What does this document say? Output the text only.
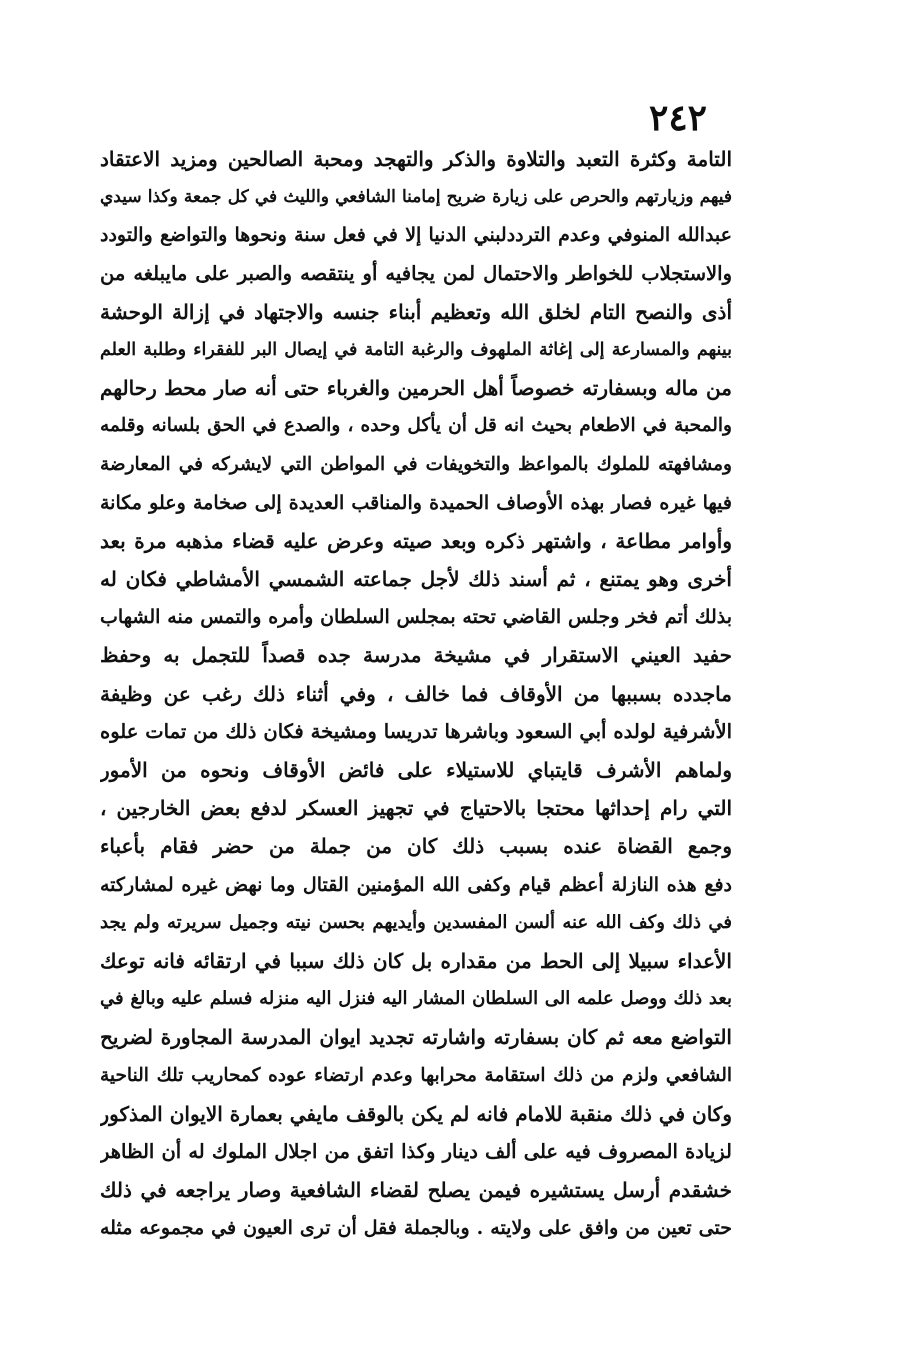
٢٤٢
التامة وكثرة التعبد والتلاوة والذكر والتهجد ومحبة الصالحين ومزيد الاعتقاد
فيهم وزيارتهم والحرص على زيارة ضريح إمامنا الشافعي والليث في كل جمعة وكذا سيدي
عبدالله المنوفي وعدم الترددلبني الدنيا إلا في فعل سنة ونحوها والتواضع والتودد
والاستجلاب للخواطر والاحتمال لمن يجافيه أو ينتقصه والصبر على مايبلغه من
أذى والنصح التام لخلق الله وتعظيم أبناء جنسه والاجتهاد في إزالة الوحشة
بينهم والمسارعة إلى إغاثة الملهوف والرغبة التامة في إيصال البر للفقراء وطلبة العلم
من ماله وبسفارته خصوصاً أهل الحرمين والغرباء حتى أنه صار محط رحالهم
والمحبة في الاطعام بحيث انه قل أن يأكل وحده ، والصدع في الحق بلسانه وقلمه
ومشافهته للملوك بالمواعظ والتخويفات في المواطن التي لايشركه في المعارضة
فيها غيره فصار بهذه الأوصاف الحميدة والمناقب العديدة إلى صخامة وعلو مكانة
وأوامر مطاعة ، واشتهر ذكره وبعد صيته وعرض عليه قضاء مذهبه مرة بعد
أخرى وهو يمتنع ، ثم أسند ذلك لأجل جماعته الشمسي الأمشاطي فكان له
بذلك أتم فخر وجلس القاضي تحته بمجلس السلطان وأمره والتمس منه الشهاب
حفيد العيني الاستقرار في مشيخة مدرسة جده قصداً للتجمل به وحفظ
ماجدده بسببها من الأوقاف فما خالف ، وفي أثناء ذلك رغب عن وظيفة
الأشرفية لولده أبي السعود وباشرها تدريسا ومشيخة فكان ذلك من تمات علوه
ولماهم الأشرف قايتباي للاستيلاء على فائض الأوقاف ونحوه من الأمور
التي رام إحداثها محتجا بالاحتياج في تجهيز العسكر لدفع بعض الخارجين ،
وجمع القضاة عنده بسبب ذلك كان من جملة من حضر فقام بأعباء
دفع هذه النازلة أعظم قيام وكفى الله المؤمنين القتال وما نهض غيره لمشاركته
في ذلك وكف الله عنه ألسن المفسدين وأيديهم بحسن نيته وجميل سريرته ولم يجد
الأعداء سبيلا إلى الحط من مقداره بل كان ذلك سببا في ارتقائه فانه توعك
بعد ذلك ووصل علمه الى السلطان المشار اليه فنزل اليه منزله فسلم عليه وبالغ في
التواضع معه ثم كان بسفارته واشارته تجديد ايوان المدرسة المجاورة لضريح
الشافعي ولزم من ذلك استقامة محرابها وعدم ارتضاء عوده كمحاريب تلك الناحية
وكان في ذلك منقبة للامام فانه لم يكن بالوقف مايفي بعمارة الايوان المذكور
لزيادة المصروف فيه على ألف دينار وكذا اتفق من اجلال الملوك له أن الظاهر
خشقدم أرسل يستشيره فيمن يصلح لقضاء الشافعية وصار يراجعه في ذلك
حتى تعين من وافق على ولايته . وبالجملة فقل أن ترى العيون في مجموعه مثله
